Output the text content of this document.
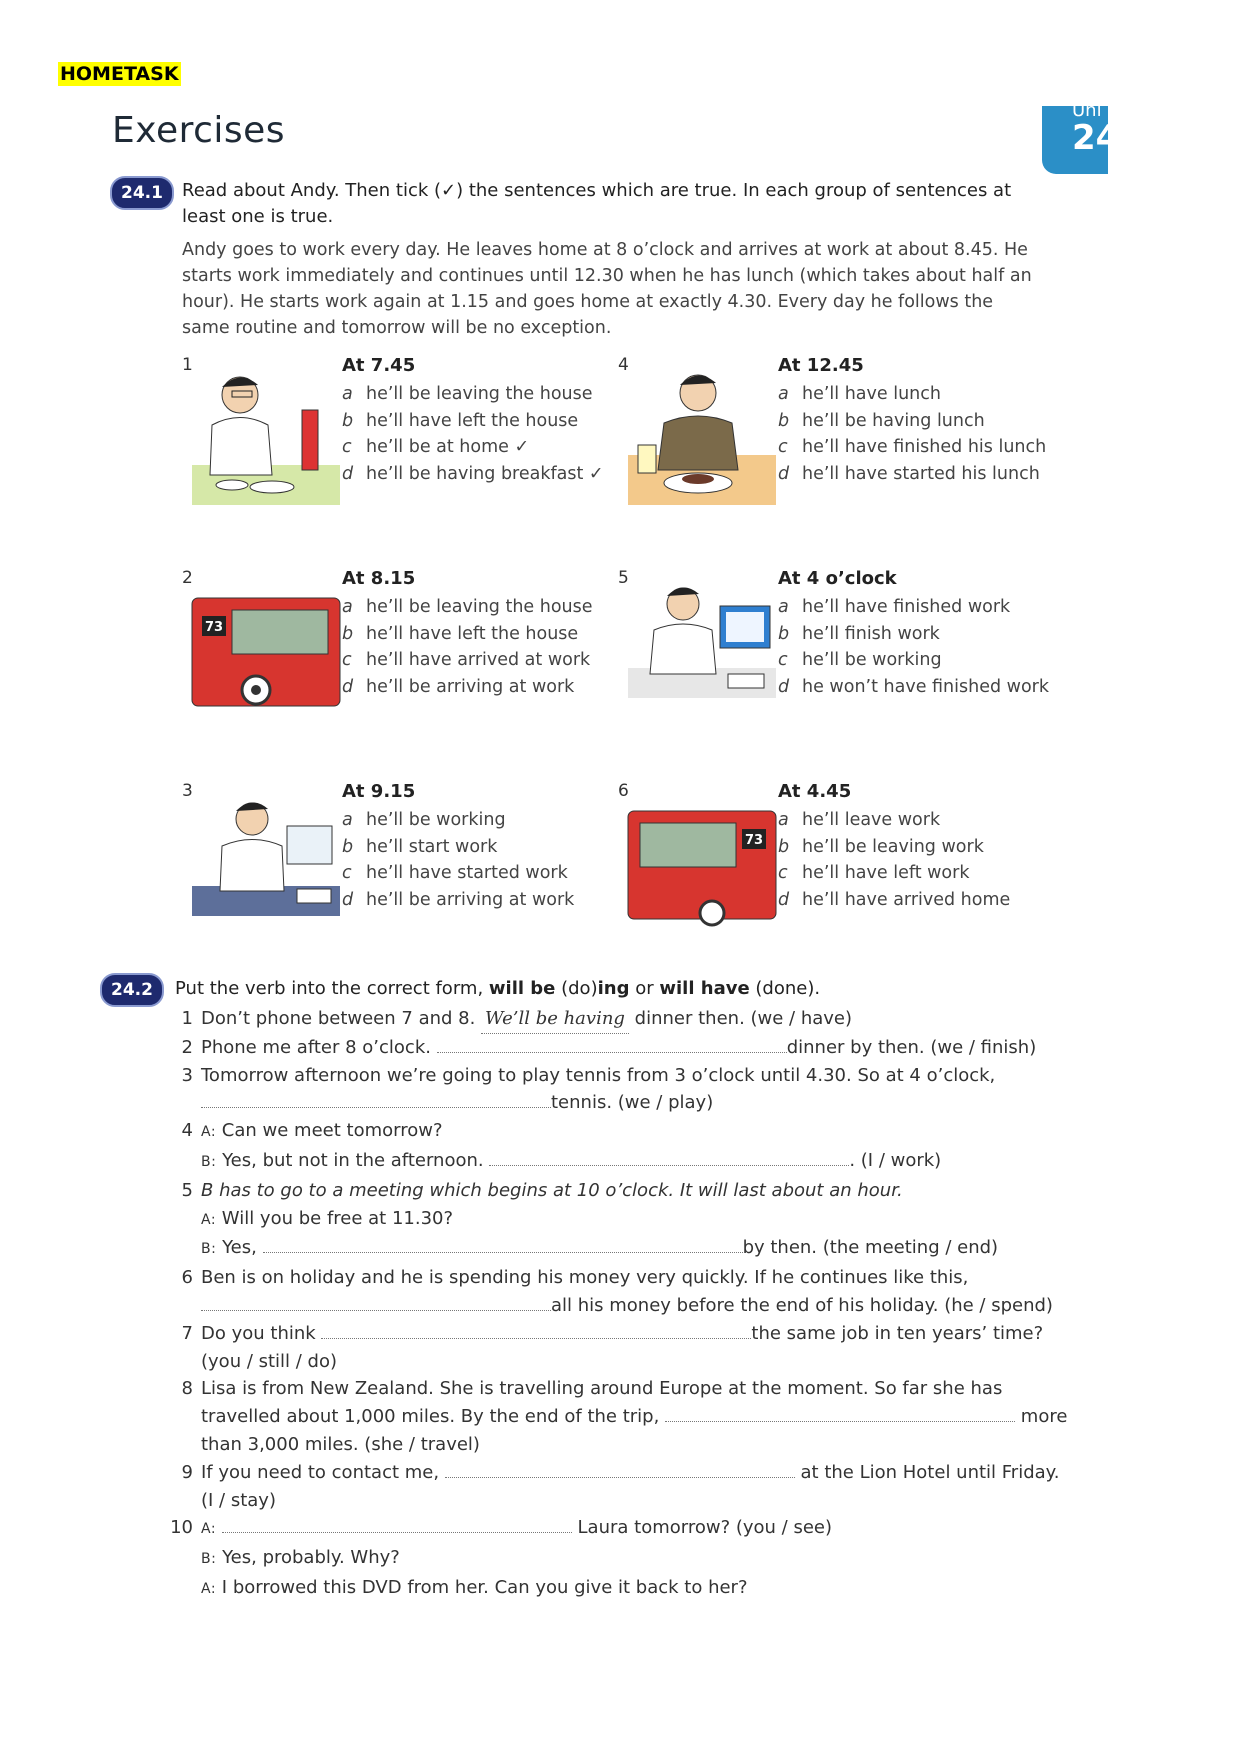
HOMETASK
Exercises	Uni
24
24.1	Read about Andy. Then tick (✓) the sentences which are true. In each group of sentences at
least one is true.
Andy goes to work every day. He leaves home at 8 o’clock and arrives at work at about 8.45. He starts work immediately and continues until 12.30 when he has lunch (which takes about half an hour). He starts work again at 1.15 and goes home at exactly 4.30. Every day he follows the same routine and tomorrow will be no exception.
1	At 7.45
a he’ll be leaving the house
b he’ll have left the house
c he’ll be at home ✓
d he’ll be having breakfast ✓
2
73
At 8.15
a he’ll be leaving the house
b he’ll have left the house
c he’ll have arrived at work
d he’ll be arriving at work
3	At 9.15
a he’ll be working
b he’ll start work
c he’ll have started work
d he’ll be arriving at work
4	At 12.45
a he’ll have lunch
b he’ll be having lunch
c he’ll have finished his lunch
d he’ll have started his lunch
5	At 4 o’clock
a he’ll have finished work
b he’ll finish work
c he’ll be working
d he won’t have finished work
6
73
At 4.45
a he’ll leave work
b he’ll be leaving work
c he’ll have left work
d he’ll have arrived home
24.2	Put the verb into the correct form, will be (do)ing or will have (done).
1 Don’t phone between 7 and 8. We’ll be having dinner then. (we / have)
2 Phone me after 8 o’clock.	dinner by then. (we / finish)
3 Tomorrow afternoon we’re going to play tennis from 3 o’clock until 4.30. So at 4 o’clock,
tennis. (we / play)
4 A: Can we meet tomorrow?
B: Yes, but not in the afternoon.	. (I / work)
5 B has to go to a meeting which begins at 10 o’clock. It will last about an hour.
A: Will you be free at 11.30?
B: Yes,	by then. (the meeting / end)
6 Ben is on holiday and he is spending his money very quickly. If he continues like this,
all his money before the end of his holiday. (he / spend)
7 Do you think	the same job in ten years’ time?
(you / still / do)
8 Lisa is from New Zealand. She is travelling around Europe at the moment. So far she has
travelled about 1,000 miles. By the end of the trip,	more
than 3,000 miles. (she / travel)
9 If you need to contact me,	at the Lion Hotel until Friday.
(I / stay)
10 A:	Laura tomorrow? (you / see)
B: Yes, probably. Why?
A: I borrowed this DVD from her. Can you give it back to her?
